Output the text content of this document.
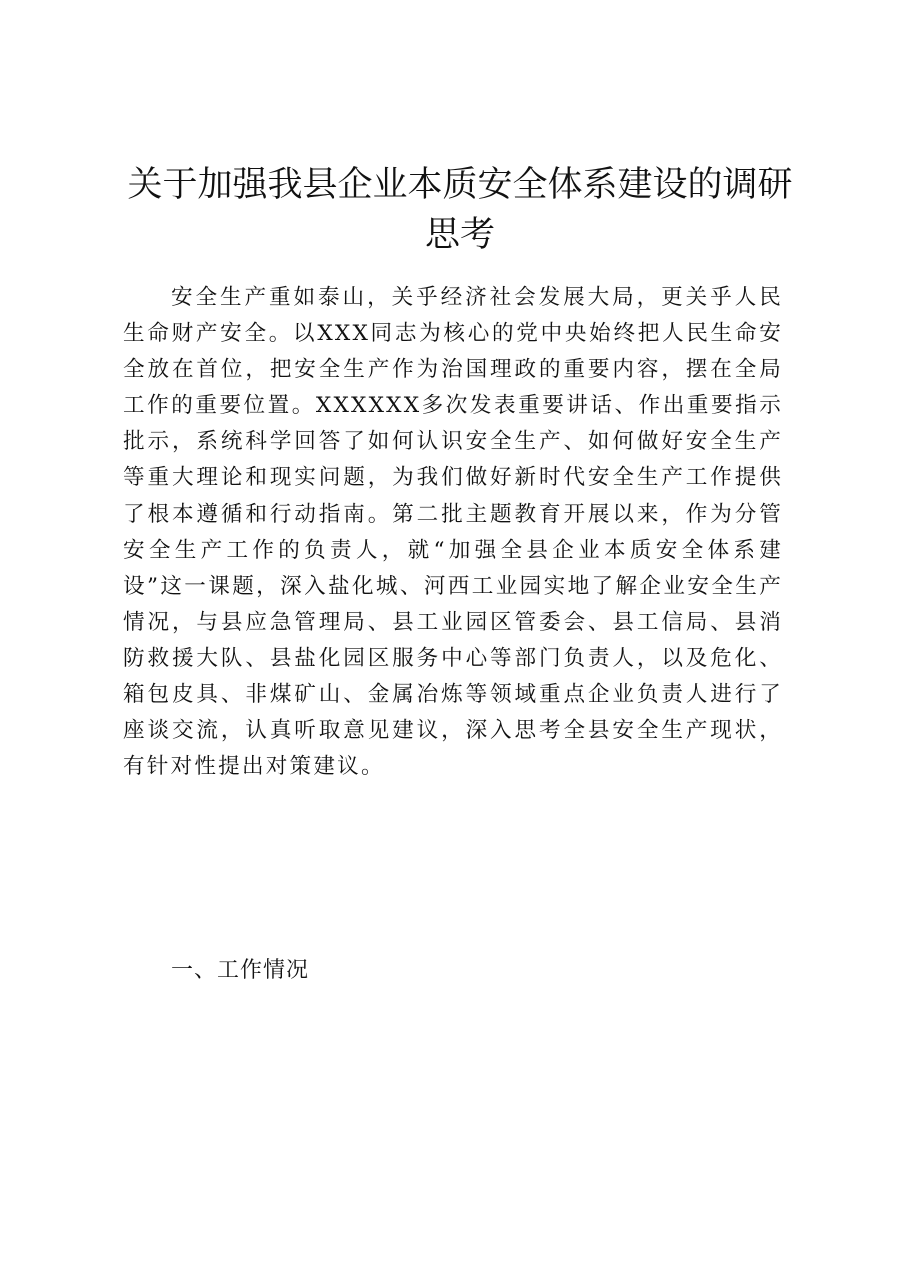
关于加强我县企业本质安全体系建设的调研思考

安全生产重如泰山，关乎经济社会发展大局，更关乎人民生命财产安全。以XXX同志为核心的党中央始终把人民生命安全放在首位，把安全生产作为治国理政的重要内容，摆在全局工作的重要位置。XXXXXX多次发表重要讲话、作出重要指示批示，系统科学回答了如何认识安全生产、如何做好安全生产等重大理论和现实问题，为我们做好新时代安全生产工作提供了根本遵循和行动指南。第二批主题教育开展以来，作为分管安全生产工作的负责人，就“加强全县企业本质安全体系建设”这一课题，深入盐化城、河西工业园实地了解企业安全生产情况，与县应急管理局、县工业园区管委会、县工信局、县消防救援大队、县盐化园区服务中心等部门负责人，以及危化、箱包皮具、非煤矿山、金属冶炼等领域重点企业负责人进行了座谈交流，认真听取意见建议，深入思考全县安全生产现状，有针对性提出对策建议。

一、工作情况
